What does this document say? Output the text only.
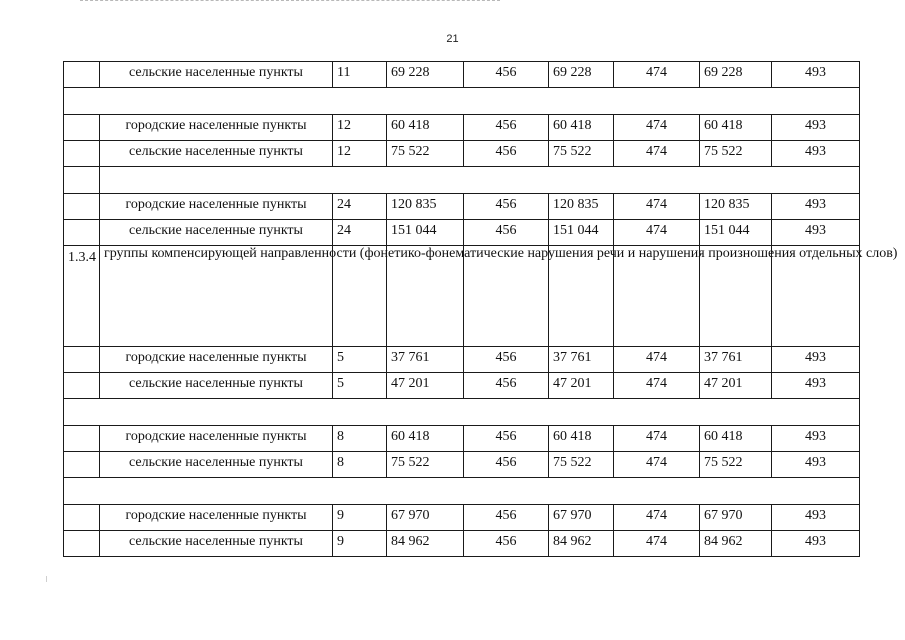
21
	сельские населенные пункты	11	69 228	456	69 228	474	69 228	493

	городские населенные пункты	12	60 418	456	60 418	474	60 418	493
	сельские населенные пункты	12	75 522	456	75 522	474	75 522	493

	городские населенные пункты	24	120 835	456	120 835	474	120 835	493
	сельские населенные пункты	24	151 044	456	151 044	474	151 044	493
1.3.4	группы компенсирующей направленности (фонетико-фонематические нарушения речи и нарушения произношения отдельных слов)							
	городские населенные пункты	5	37 761	456	37 761	474	37 761	493
	сельские населенные пункты	5	47 201	456	47 201	474	47 201	493

	городские населенные пункты	8	60 418	456	60 418	474	60 418	493
	сельские населенные пункты	8	75 522	456	75 522	474	75 522	493

	городские населенные пункты	9	67 970	456	67 970	474	67 970	493
	сельские населенные пункты	9	84 962	456	84 962	474	84 962	493
